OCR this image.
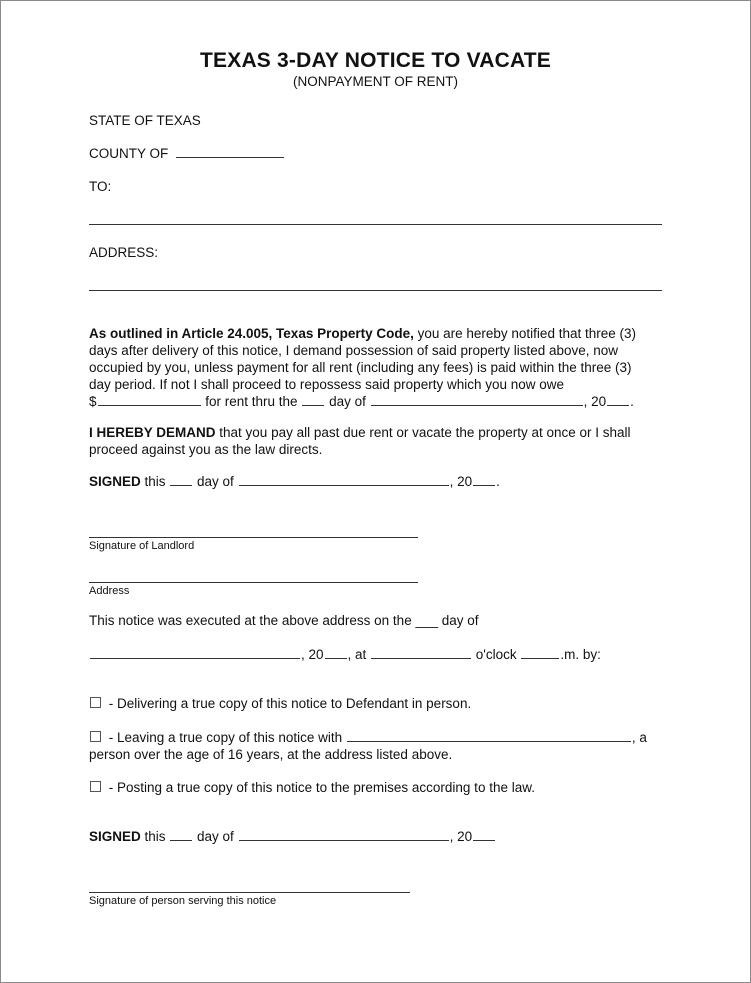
TEXAS 3-DAY NOTICE TO VACATE
(NONPAYMENT OF RENT)
STATE OF TEXAS
COUNTY OF
TO:
ADDRESS:
As outlined in Article 24.005, Texas Property Code, you are hereby notified that three (3)
days after delivery of this notice, I demand possession of said property listed above, now
occupied by you, unless payment for all rent (including any fees) is paid within the three (3)
day period. If not I shall proceed to repossess said property which you now owe
$	for rent thru the  day of	, 20 .
I HEREBY DEMAND that you pay all past due rent or vacate the property at once or I shall
proceed against you as the law directs.
SIGNED this  day of	, 20 .
Signature of Landlord
Address
This notice was executed at the above address on the ___ day of
, 20 , at	o'clock	.m. by:
- Delivering a true copy of this notice to Defendant in person.
- Leaving a true copy of this notice with	, a
person over the age of 16 years, at the address listed above.
- Posting a true copy of this notice to the premises according to the law.
SIGNED this  day of	, 20
Signature of person serving this notice
